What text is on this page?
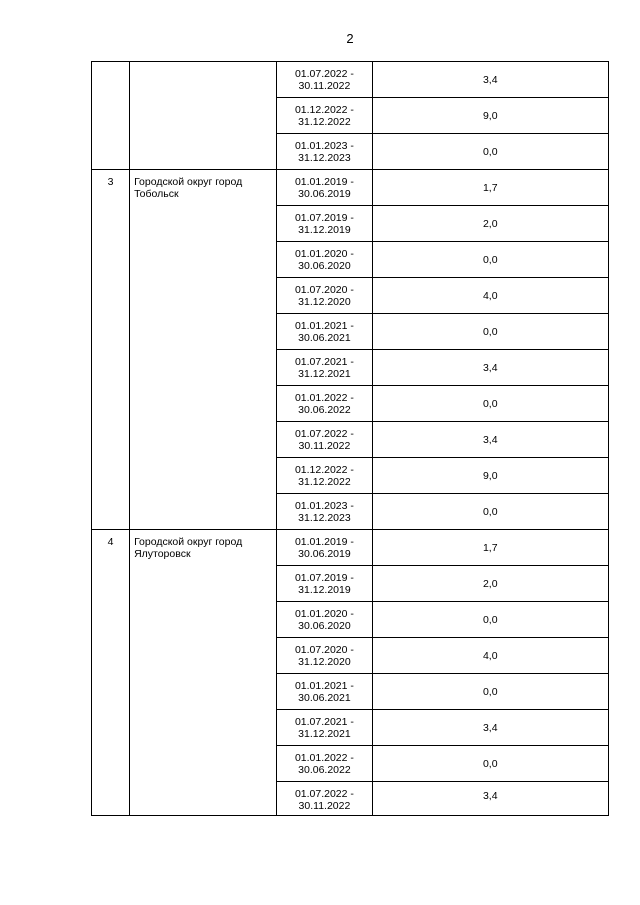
2

		01.07.2022 -
30.11.2022	3,4

		01.12.2022 -
31.12.2022	9,0

		01.01.2023 -
31.12.2023	0,0
3	Городской округ город Тобольск	01.01.2019 -
30.06.2019	1,7

		01.07.2019 -
31.12.2019	2,0

		01.01.2020 -
30.06.2020	0,0

		01.07.2020 -
31.12.2020	4,0

		01.01.2021 -
30.06.2021	0,0

		01.07.2021 -
31.12.2021	3,4

		01.01.2022 -
30.06.2022	0,0

		01.07.2022 -
30.11.2022	3,4

		01.12.2022 -
31.12.2022	9,0

		01.01.2023 -
31.12.2023	0,0
4	Городской округ город Ялуторовск	01.01.2019 -
30.06.2019	1,7

		01.07.2019 -
31.12.2019	2,0

		01.01.2020 -
30.06.2020	0,0

		01.07.2020 -
31.12.2020	4,0

		01.01.2021 -
30.06.2021	0,0

		01.07.2021 -
31.12.2021	3,4

		01.01.2022 -
30.06.2022	0,0

		01.07.2022 -
30.11.2022	3,4
